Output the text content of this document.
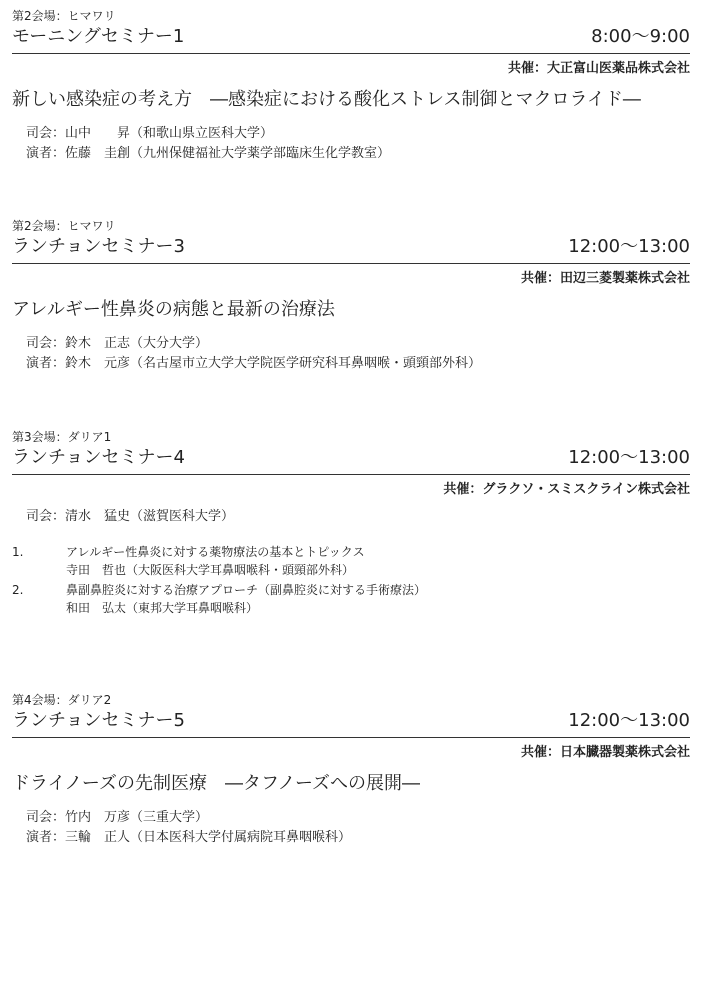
第2会場：ヒマワリ
モーニングセミナー1	8:00〜9:00
共催：大正富山医薬品株式会社
新しい感染症の考え方　―感染症における酸化ストレス制御とマクロライド―
司会：山中　　昇（和歌山県立医科大学）
演者：佐藤　圭創（九州保健福祉大学薬学部臨床生化学教室）
第2会場：ヒマワリ
ランチョンセミナー3	12:00〜13:00
共催：田辺三菱製薬株式会社
アレルギー性鼻炎の病態と最新の治療法
司会：鈴木　正志（大分大学）
演者：鈴木　元彦（名古屋市立大学大学院医学研究科耳鼻咽喉・頭頸部外科）
第3会場：ダリア1
ランチョンセミナー4	12:00〜13:00
共催：グラクソ・スミスクライン株式会社
司会：清水　猛史（滋賀医科大学）
1.	アレルギー性鼻炎に対する薬物療法の基本とトピックス
寺田　哲也（大阪医科大学耳鼻咽喉科・頭頸部外科）
2.	鼻副鼻腔炎に対する治療アプローチ（副鼻腔炎に対する手術療法）
和田　弘太（東邦大学耳鼻咽喉科）
第4会場：ダリア2
ランチョンセミナー5	12:00〜13:00
共催：日本臓器製薬株式会社
ドライノーズの先制医療　―タフノーズへの展開―
司会：竹内　万彦（三重大学）
演者：三輪　正人（日本医科大学付属病院耳鼻咽喉科）
